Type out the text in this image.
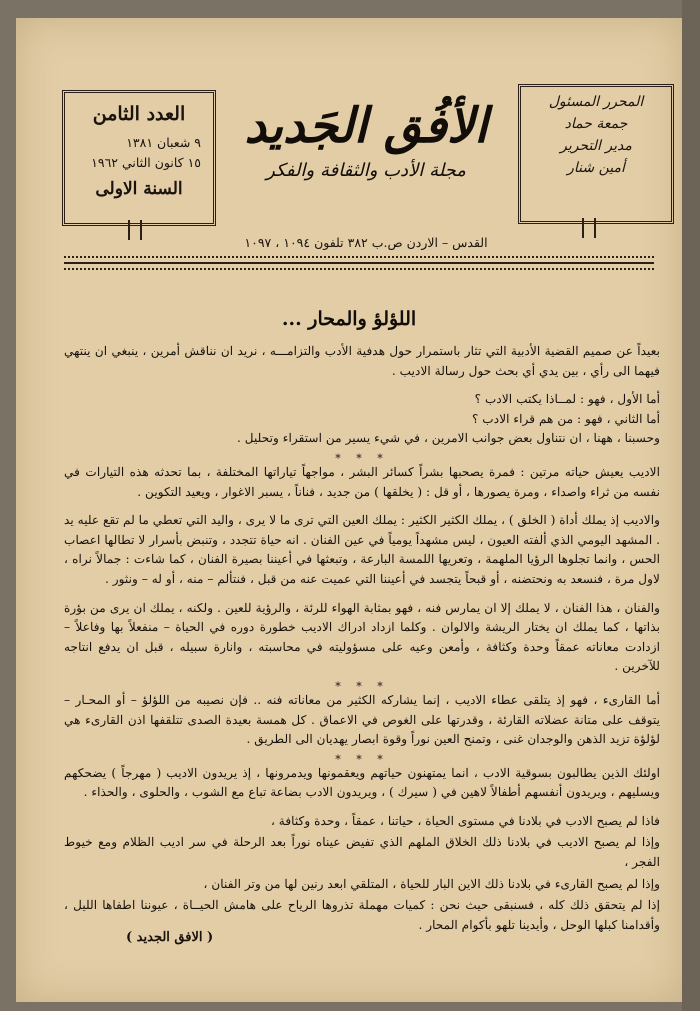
المحرر المسئول
جمعة حماد
مدير التحرير
أمين شنار
الأفُق الجَديد
مجلة الأدب والثقافة والفكر
العدد الثامن
٩ شعبان ١٣٨١
١٥ كانون الثاني ١٩٦٢
السنة الاولى
القدس – الاردن ص.ب ٣٨٢ تلفون ١٠٩٤ ، ١٠٩٧
اللؤلؤ والمحار ...

بعيداً عن صميم القضية الأدبية التي تثار باستمرار حول هدفية الأدب والتزامـــه ، نريد ان نناقش أمرين ، ينبغي ان ينتهي فيهما الى رأي ، بين يدي أي بحث حول رسالة الاديب .

أما الأول ، فهو : لمــاذا يكتب الادب ؟

أما الثاني ، فهو : من هم قراء الادب ؟

وحسبنا ، ههنا ، ان نتناول بعض جوانب الامرين ، في شيء يسير من استقراء وتحليل .

* * *

الاديب يعيش حياته مرتين : فمرة يصحبها بشراً كسائر البشر ، مواجهاً تياراتها المختلفة ، بما تحدثه هذه التيارات في نفسه من ثراء واصداء ، ومرة يصورها ، أو قل : ( يخلقها ) من جديد ، فناناً ، يسبر الاغوار ، ويعيد التكوين .

والاديب إذ يملك أداة ( الخلق ) ، يملك الكثير الكثير : يملك العين التي ترى ما لا يرى ، واليد التي تعطي ما لم تقع عليه يد . المشهد اليومي الذي ألفته العيون ، ليس مشهداً يومياً في عين الفنان . انه حياة تتجدد ، وتنبض بأسرار لا تطالها اعصاب الحس ، وانما تجلوها الرؤيا الملهمة ، وتعريها اللمسة البارعة ، وتبعثها في أعيننا بصيرة الفنان ، كما شاءت : جمالاً نراه ، لاول مرة ، فنسعد به ونحتضنه ، أو قبحاً يتجسد في أعيننا التي عميت عنه من قبل ، فنتألم – منه ، أو له – ونثور .

والفنان ، هذا الفنان ، لا يملك إلا ان يمارس فنه ، فهو بمثابة الهواء للرئة ، والرؤية للعين . ولكنه ، يملك ان يرى من بؤرة بذاتها ، كما يملك ان يختار الريشة والالوان . وكلما ازداد ادراك الاديب خطورة دوره في الحياة – منفعلاً بها وفاعلاً – ازدادت معاناته عمقاً وحدة وكثافة ، وأمعن وعيه على مسؤوليته في محاسبته ، وانارة سبيله ، قبل ان يدفع انتاجه للآخرين .

* * *

أما القارىء ، فهو إذ يتلقى عطاء الاديب ، إنما يشاركه الكثير من معاناته فنه .. فإن نصيبه من اللؤلؤ – أو المحـار – يتوقف على متانة عضلاته القارئة ، وقدرتها على الغوص في الاعماق . كل همسة بعيدة الصدى تتلقفها اذن القارىء هي لؤلؤة تزيد الذهن والوجدان غنى ، وتمنح العين نوراً وقوة ابصار يهديان الى الطريق .

* * *

اولئك الذين يطالبون بسوقية الادب ، انما يمتهنون حياتهم ويعقمونها ويدمرونها ، إذ يريدون الاديب ( مهرجاً ) يضحكهم ويسليهم ، ويريدون أنفسهم أطفالاً لاهين في ( سيرك ) ، ويريدون الادب بضاعة تباع مع الشوب ، والحلوى ، والحذاء .

فاذا لم يصبح الادب في بلادنا في مستوى الحياة ، حياتنا ، عمقاً ، وحدة وكثافة ،

وإذا لم يصبح الاديب في بلادنا ذلك الخلاق الملهم الذي تفيض عيناه نوراً بعد الرحلة في سر اديب الظلام ومع خيوط الفجر ،

وإذا لم يصبح القارىء في بلادنا ذلك الاين البار للحياة ، المتلقي ابعد رنين لها من وتر الفنان ،

إذا لم يتحقق ذلك كله ، فسنبقى حيث نحن : كميات مهملة تذروها الرياح على هامش الحيــاة ، عيوننا اطفاها الليل ، وأقدامنا كبلها الوحل ، وأيدينا تلهو بأكوام المحار .

( الافق الجديد )
